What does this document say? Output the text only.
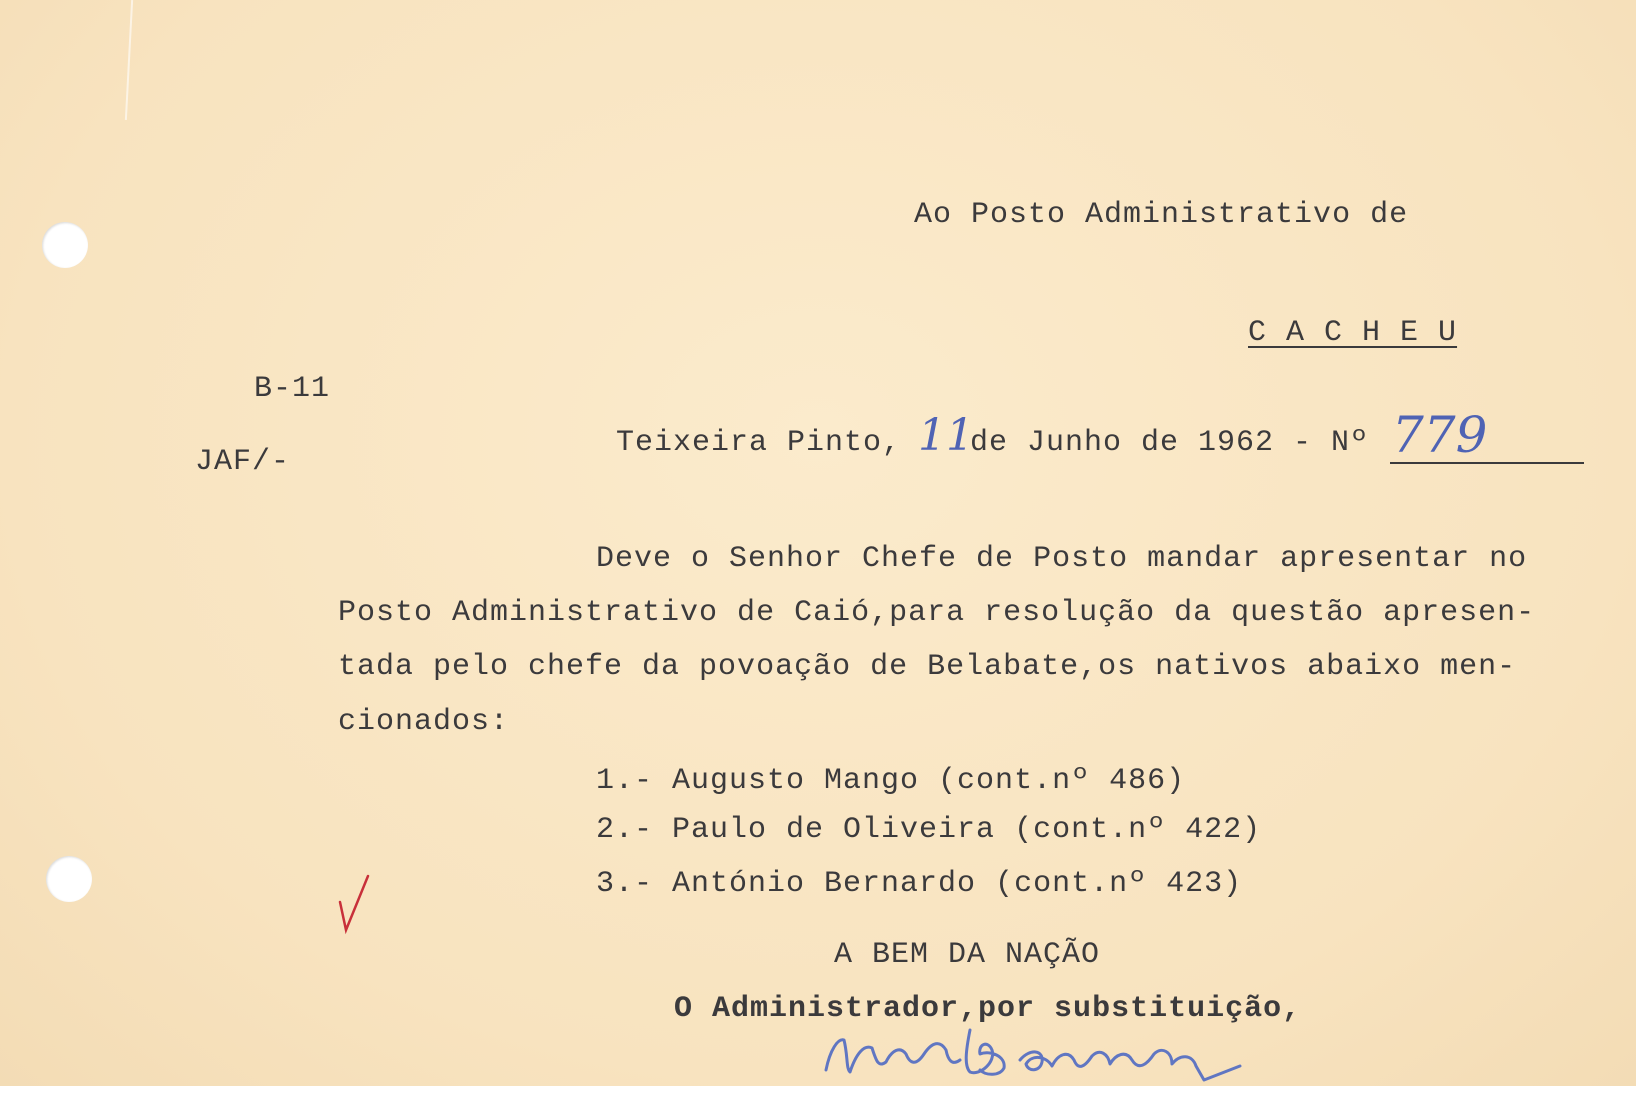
Ao Posto Administrativo de
C A C H E U
B-11
JAF/-
Teixeira Pinto, 11
de Junho de 1962 - Nº 779
Deve o Senhor Chefe de Posto mandar apresentar no
Posto Administrativo de Caió,para resolução da questão apresen-
tada pelo chefe da povoação de Belabate,os nativos abaixo men-
cionados:
1.- Augusto Mango (cont.nº 486)
2.- Paulo de Oliveira (cont.nº 422)
3.- António Bernardo (cont.nº 423)
A BEM DA NAÇÃO
O Administrador,por substituição,
